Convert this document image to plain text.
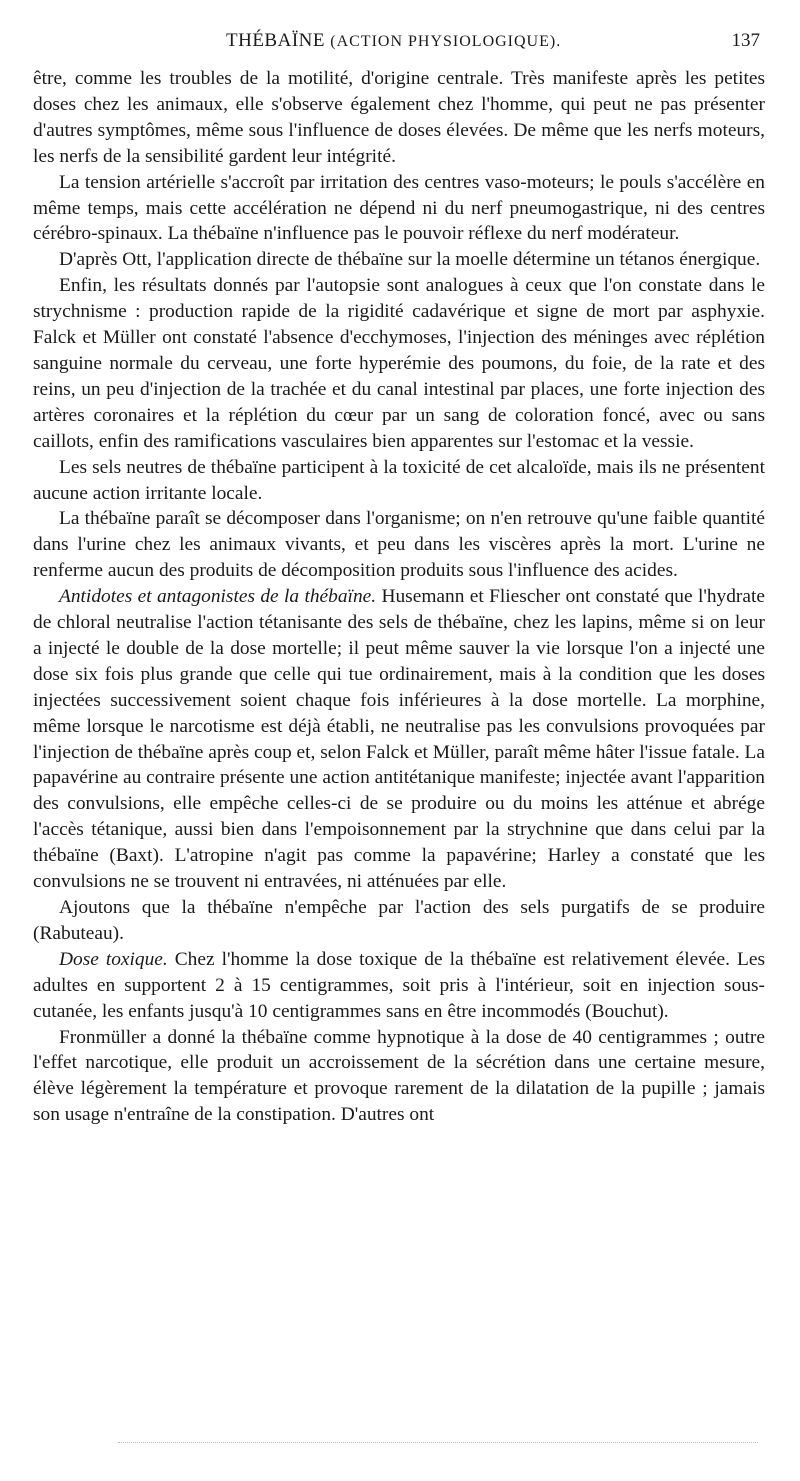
THÉBAÏNE (ACTION PHYSIOLOGIQUE).	137

être, comme les troubles de la motilité, d'origine centrale. Très manifeste après les petites doses chez les animaux, elle s'observe également chez l'homme, qui peut ne pas présenter d'autres symptômes, même sous l'influence de doses élevées. De même que les nerfs moteurs, les nerfs de la sensibilité gardent leur intégrité.

La tension artérielle s'accroît par irritation des centres vaso-moteurs; le pouls s'accélère en même temps, mais cette accélération ne dépend ni du nerf pneumogastrique, ni des centres cérébro-spinaux. La thébaïne n'influence pas le pouvoir réflexe du nerf modérateur.

D'après Ott, l'application directe de thébaïne sur la moelle détermine un tétanos énergique.

Enfin, les résultats donnés par l'autopsie sont analogues à ceux que l'on constate dans le strychnisme : production rapide de la rigidité cadavérique et signe de mort par asphyxie. Falck et Müller ont constaté l'absence d'ecchymoses, l'injection des méninges avec réplétion sanguine normale du cerveau, une forte hyperémie des poumons, du foie, de la rate et des reins, un peu d'injection de la trachée et du canal intestinal par places, une forte injection des artères coronaires et la réplétion du cœur par un sang de coloration foncé, avec ou sans caillots, enfin des ramifications vasculaires bien apparentes sur l'estomac et la vessie.

Les sels neutres de thébaïne participent à la toxicité de cet alcaloïde, mais ils ne présentent aucune action irritante locale.

La thébaïne paraît se décomposer dans l'organisme; on n'en retrouve qu'une faible quantité dans l'urine chez les animaux vivants, et peu dans les viscères après la mort. L'urine ne renferme aucun des produits de décomposition produits sous l'influence des acides.

Antidotes et antagonistes de la thébaïne. Husemann et Fliescher ont constaté que l'hydrate de chloral neutralise l'action tétanisante des sels de thébaïne, chez les lapins, même si on leur a injecté le double de la dose mortelle; il peut même sauver la vie lorsque l'on a injecté une dose six fois plus grande que celle qui tue ordinairement, mais à la condition que les doses injectées successivement soient chaque fois inférieures à la dose mortelle. La morphine, même lorsque le narcotisme est déjà établi, ne neutralise pas les convulsions provoquées par l'injection de thébaïne après coup et, selon Falck et Müller, paraît même hâter l'issue fatale. La papavérine au contraire présente une action antitétanique manifeste; injectée avant l'apparition des convulsions, elle empêche celles-ci de se produire ou du moins les atténue et abrége l'accès tétanique, aussi bien dans l'empoisonnement par la strychnine que dans celui par la thébaïne (Baxt). L'atropine n'agit pas comme la papavérine; Harley a constaté que les convulsions ne se trouvent ni entravées, ni atténuées par elle.

Ajoutons que la thébaïne n'empêche par l'action des sels purgatifs de se produire (Rabuteau).

Dose toxique. Chez l'homme la dose toxique de la thébaïne est relativement élevée. Les adultes en supportent 2 à 15 centigrammes, soit pris à l'intérieur, soit en injection sous-cutanée, les enfants jusqu'à 10 centigrammes sans en être incommodés (Bouchut).

Fronmüller a donné la thébaïne comme hypnotique à la dose de 40 centigrammes ; outre l'effet narcotique, elle produit un accroissement de la sécrétion dans une certaine mesure, élève légèrement la température et provoque rarement de la dilatation de la pupille ; jamais son usage n'entraîne de la constipation. D'autres ont
